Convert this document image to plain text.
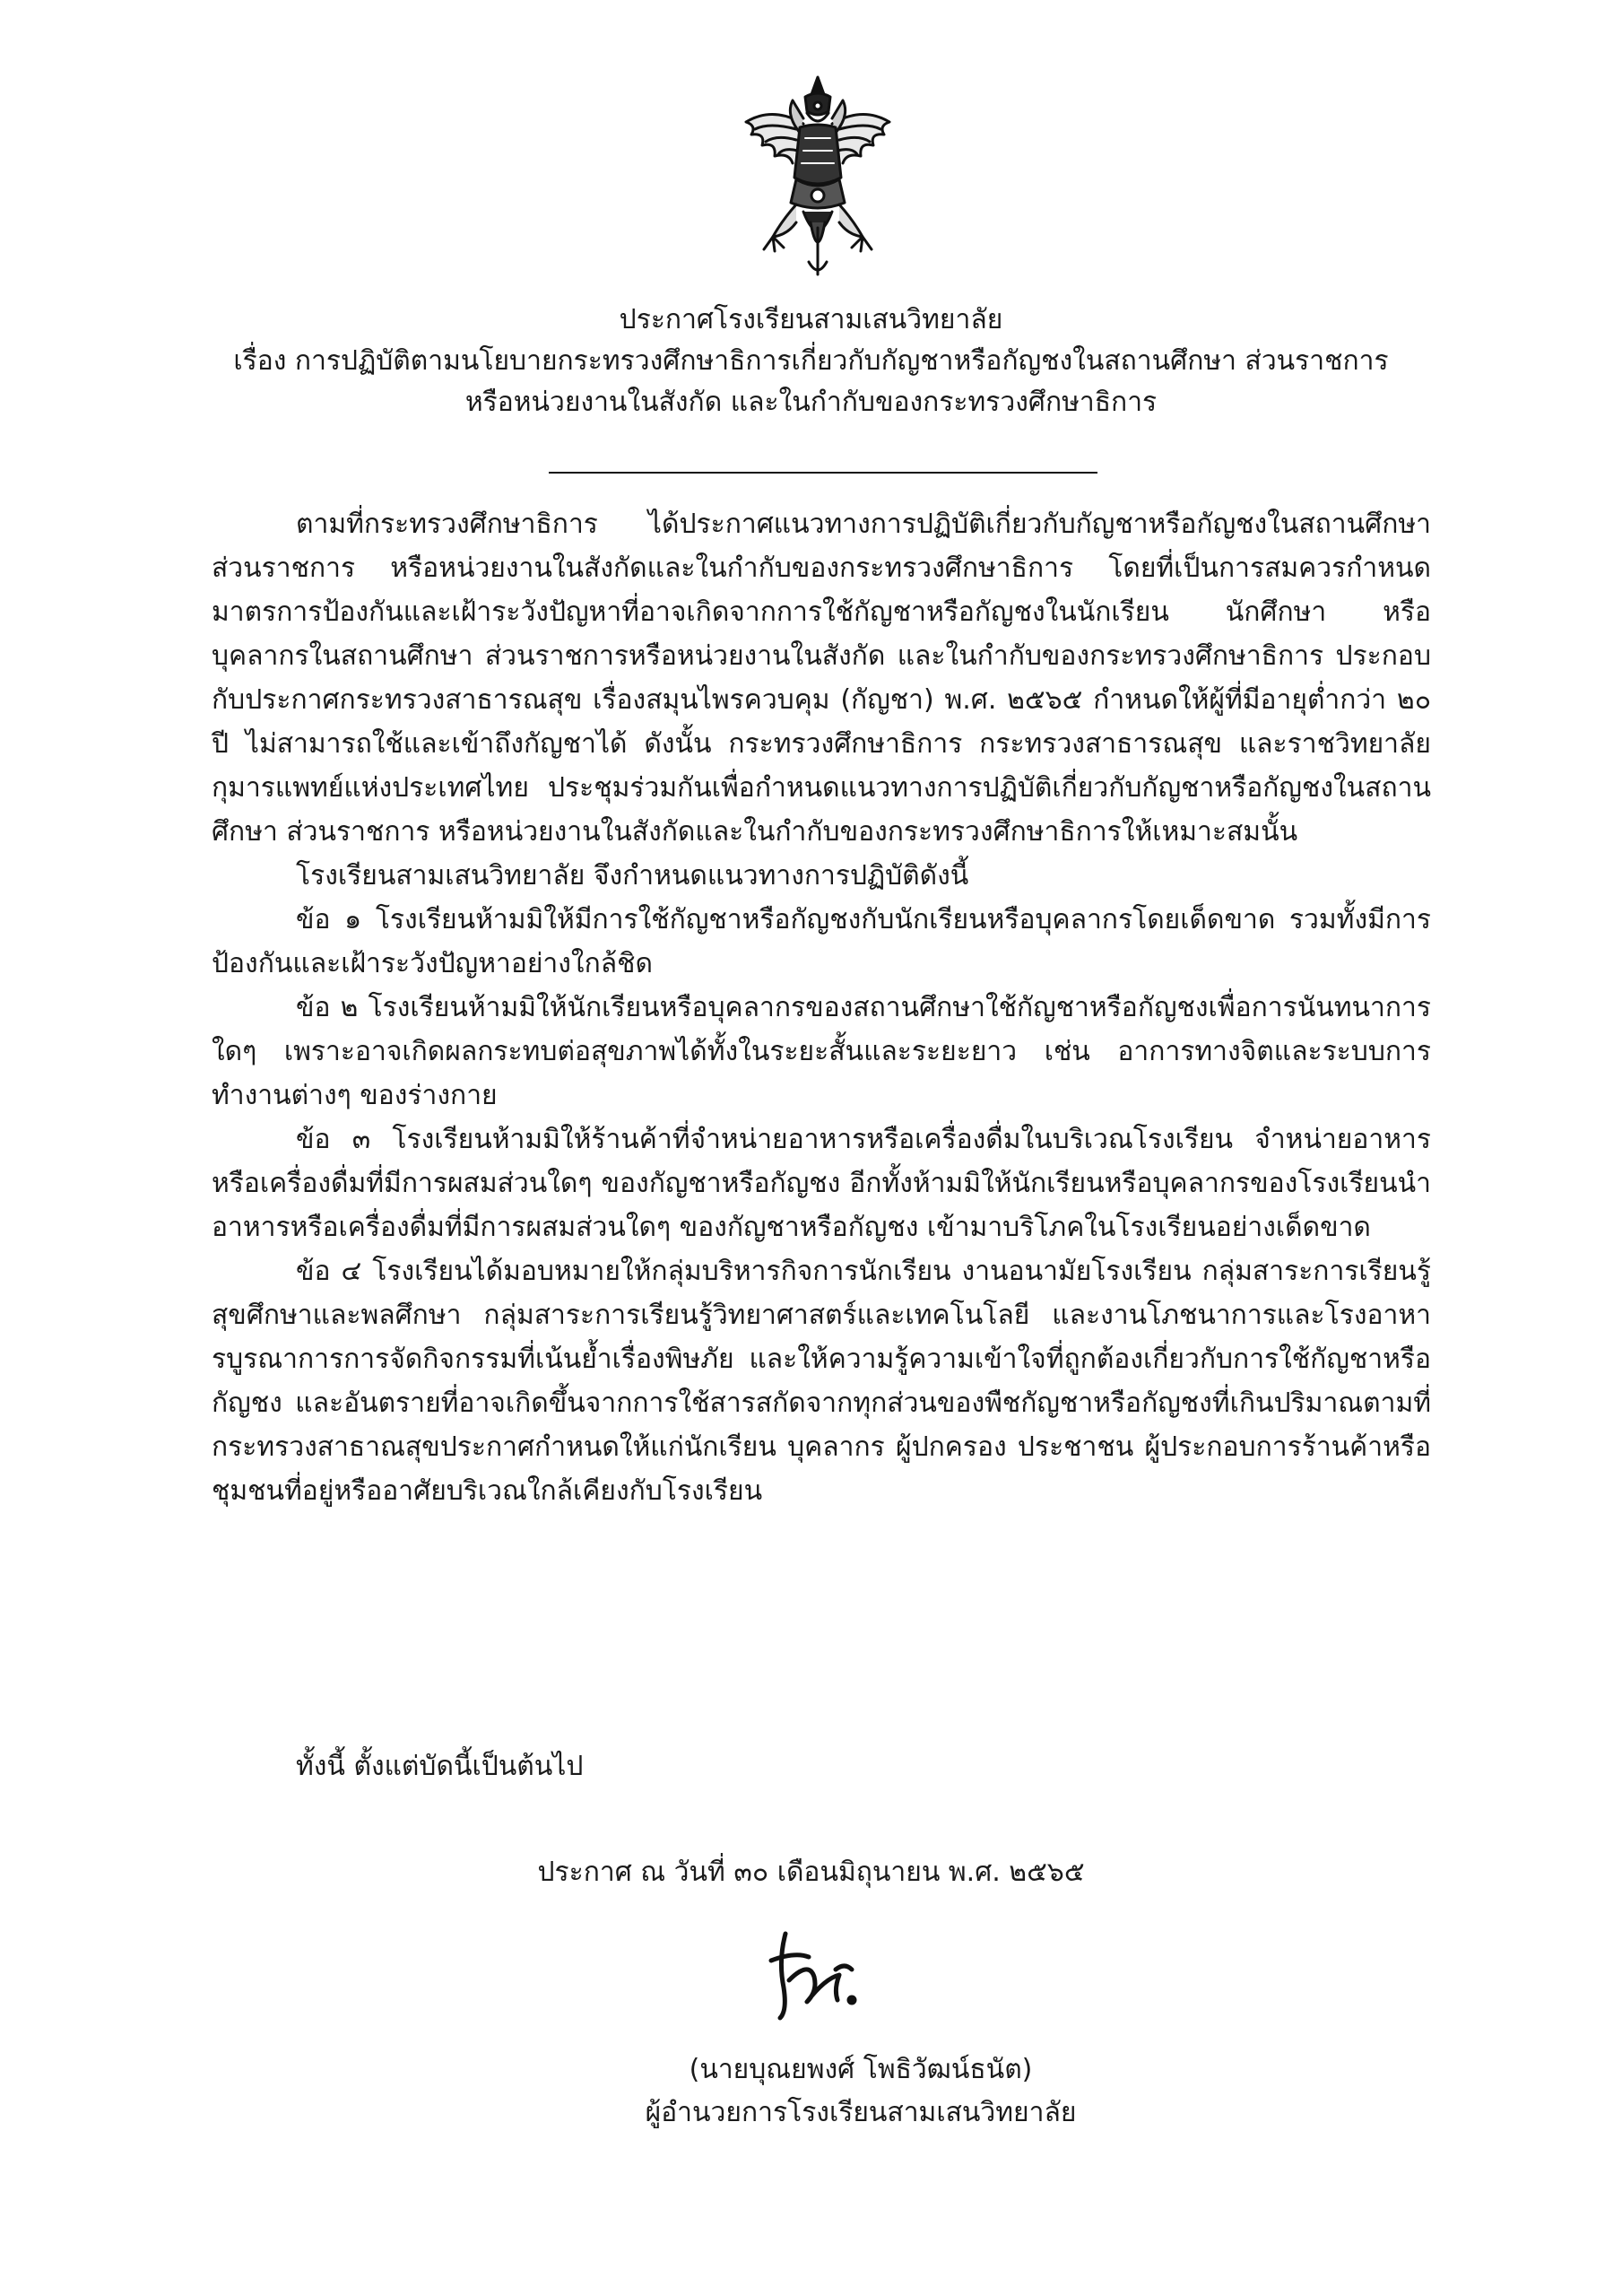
ประกาศโรงเรียนสามเสนวิทยาลัย
เรื่อง การปฏิบัติตามนโยบายกระทรวงศึกษาธิการเกี่ยวกับกัญชาหรือกัญชงในสถานศึกษา ส่วนราชการ
หรือหน่วยงานในสังกัด และในกำกับของกระทรวงศึกษาธิการ

ตามที่กระทรวงศึกษาธิการ ได้ประกาศแนวทางการปฏิบัติเกี่ยวกับกัญชาหรือกัญชงในสถานศึกษา ส่วนราชการ หรือหน่วยงานในสังกัดและในกำกับของกระทรวงศึกษาธิการ โดยที่เป็นการสมควรกำหนดมาตรการป้องกันและเฝ้าระวังปัญหาที่อาจเกิดจากการใช้กัญชาหรือกัญชงในนักเรียน นักศึกษา หรือบุคลากรในสถานศึกษา ส่วนราชการหรือหน่วยงานในสังกัด และในกำกับของกระทรวงศึกษาธิการ ประกอบกับประกาศกระทรวงสาธารณสุข เรื่องสมุนไพรควบคุม (กัญชา) พ.ศ. ๒๕๖๕ กำหนดให้ผู้ที่มีอายุต่ำกว่า ๒๐ ปี ไม่สามารถใช้และเข้าถึงกัญชาได้ ดังนั้น กระทรวงศึกษาธิการ กระทรวงสาธารณสุข และราชวิทยาลัยกุมารแพทย์แห่งประเทศไทย ประชุมร่วมกันเพื่อกำหนดแนวทางการปฏิบัติเกี่ยวกับกัญชาหรือกัญชงในสถานศึกษา ส่วนราชการ หรือหน่วยงานในสังกัดและในกำกับของกระทรวงศึกษาธิการให้เหมาะสมนั้น

โรงเรียนสามเสนวิทยาลัย จึงกำหนดแนวทางการปฏิบัติดังนี้

ข้อ ๑ โรงเรียนห้ามมิให้มีการใช้กัญชาหรือกัญชงกับนักเรียนหรือบุคลากรโดยเด็ดขาด รวมทั้งมีการป้องกันและเฝ้าระวังปัญหาอย่างใกล้ชิด

ข้อ ๒ โรงเรียนห้ามมิให้นักเรียนหรือบุคลากรของสถานศึกษาใช้กัญชาหรือกัญชงเพื่อการนันทนาการใดๆ เพราะอาจเกิดผลกระทบต่อสุขภาพได้ทั้งในระยะสั้นและระยะยาว เช่น อาการทางจิตและระบบการทำงานต่างๆ ของร่างกาย

ข้อ ๓ โรงเรียนห้ามมิให้ร้านค้าที่จำหน่ายอาหารหรือเครื่องดื่มในบริเวณโรงเรียน จำหน่ายอาหารหรือเครื่องดื่มที่มีการผสมส่วนใดๆ ของกัญชาหรือกัญชง อีกทั้งห้ามมิให้นักเรียนหรือบุคลากรของโรงเรียนนำอาหารหรือเครื่องดื่มที่มีการผสมส่วนใดๆ ของกัญชาหรือกัญชง เข้ามาบริโภคในโรงเรียนอย่างเด็ดขาด

ข้อ ๔ โรงเรียนได้มอบหมายให้กลุ่มบริหารกิจการนักเรียน งานอนามัยโรงเรียน กลุ่มสาระการเรียนรู้สุขศึกษาและพลศึกษา กลุ่มสาระการเรียนรู้วิทยาศาสตร์และเทคโนโลยี และงานโภชนาการและโรงอาหารบูรณาการการจัดกิจกรรมที่เน้นย้ำเรื่องพิษภัย และให้ความรู้ความเข้าใจที่ถูกต้องเกี่ยวกับการใช้กัญชาหรือกัญชง และอันตรายที่อาจเกิดขึ้นจากการใช้สารสกัดจากทุกส่วนของพืชกัญชาหรือกัญชงที่เกินปริมาณตามที่กระทรวงสาธาณสุขประกาศกำหนดให้แก่นักเรียน บุคลากร ผู้ปกครอง ประชาชน ผู้ประกอบการร้านค้าหรือชุมชนที่อยู่หรืออาศัยบริเวณใกล้เคียงกับโรงเรียน

ทั้งนี้ ตั้งแต่บัดนี้เป็นต้นไป
ประกาศ ณ วันที่ ๓๐ เดือนมิถุนายน พ.ศ. ๒๕๖๕
(นายบุณยพงศ์ โพธิวัฒน์ธนัต)
ผู้อำนวยการโรงเรียนสามเสนวิทยาลัย
